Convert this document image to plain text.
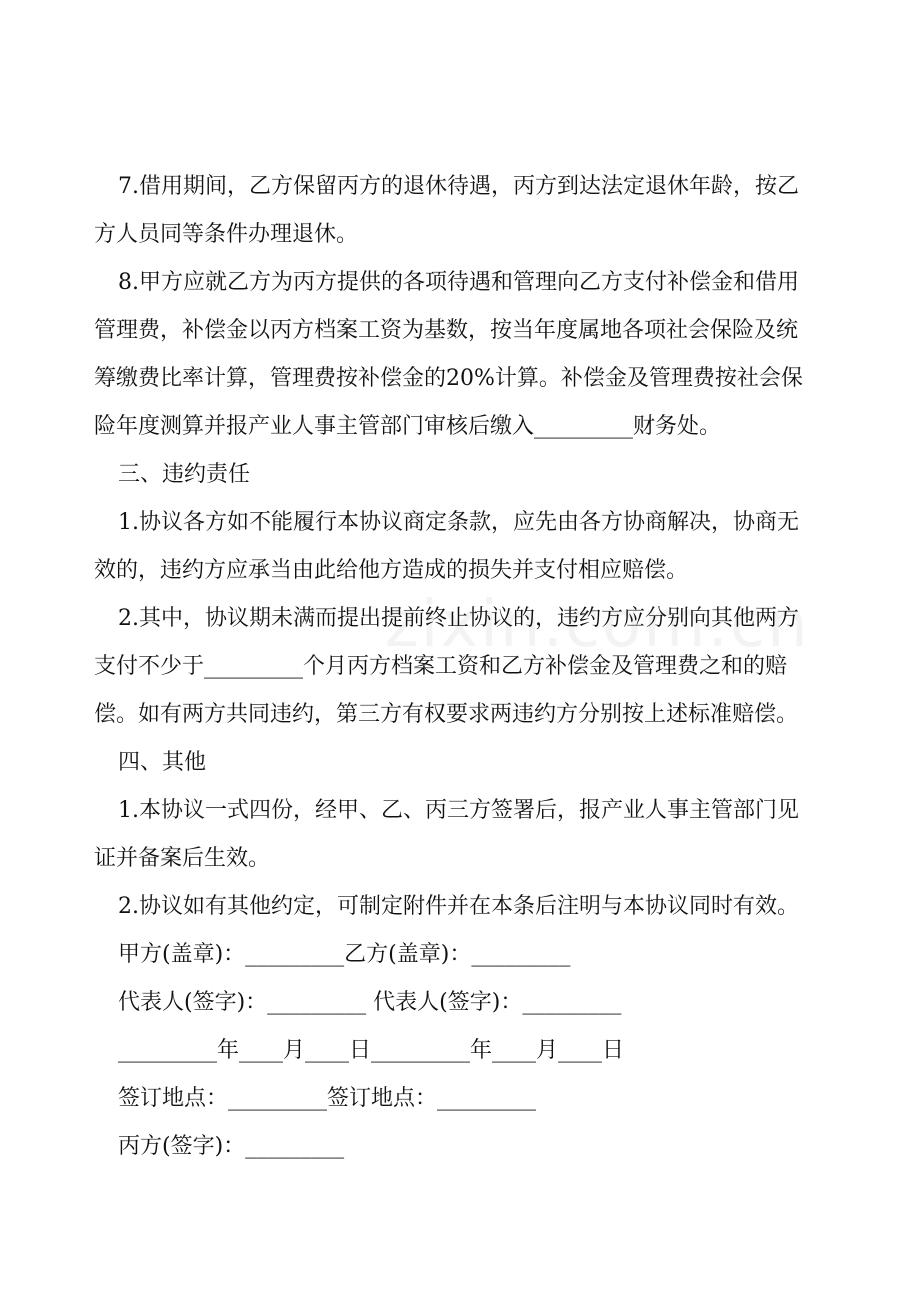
7.借用期间，乙方保留丙方的退休待遇，丙方到达法定退休年龄，按乙
方人员同等条件办理退休。
8.甲方应就乙方为丙方提供的各项待遇和管理向乙方支付补偿金和借用
管理费，补偿金以丙方档案工资为基数，按当年度属地各项社会保险及统
筹缴费比率计算，管理费按补偿金的20%计算。补偿金及管理费按社会保
险年度测算并报产业人事主管部门审核后缴入_________财务处。
三、违约责任
1.协议各方如不能履行本协议商定条款，应先由各方协商解决，协商无
效的，违约方应承当由此给他方造成的损失并支付相应赔偿。
2.其中，协议期未满而提出提前终止协议的，违约方应分别向其他两方
支付不少于_________个月丙方档案工资和乙方补偿金及管理费之和的赔
偿。如有两方共同违约，第三方有权要求两违约方分别按上述标准赔偿。
四、其他
1.本协议一式四份，经甲、乙、丙三方签署后，报产业人事主管部门见
证并备案后生效。
2.协议如有其他约定，可制定附件并在本条后注明与本协议同时有效。
甲方(盖章)：_________乙方(盖章)：_________
代表人(签字)：_________ 代表人(签字)：_________
_________年____月____日_________年____月____日
签订地点：_________签订地点：_________
丙方(签字)：_________
